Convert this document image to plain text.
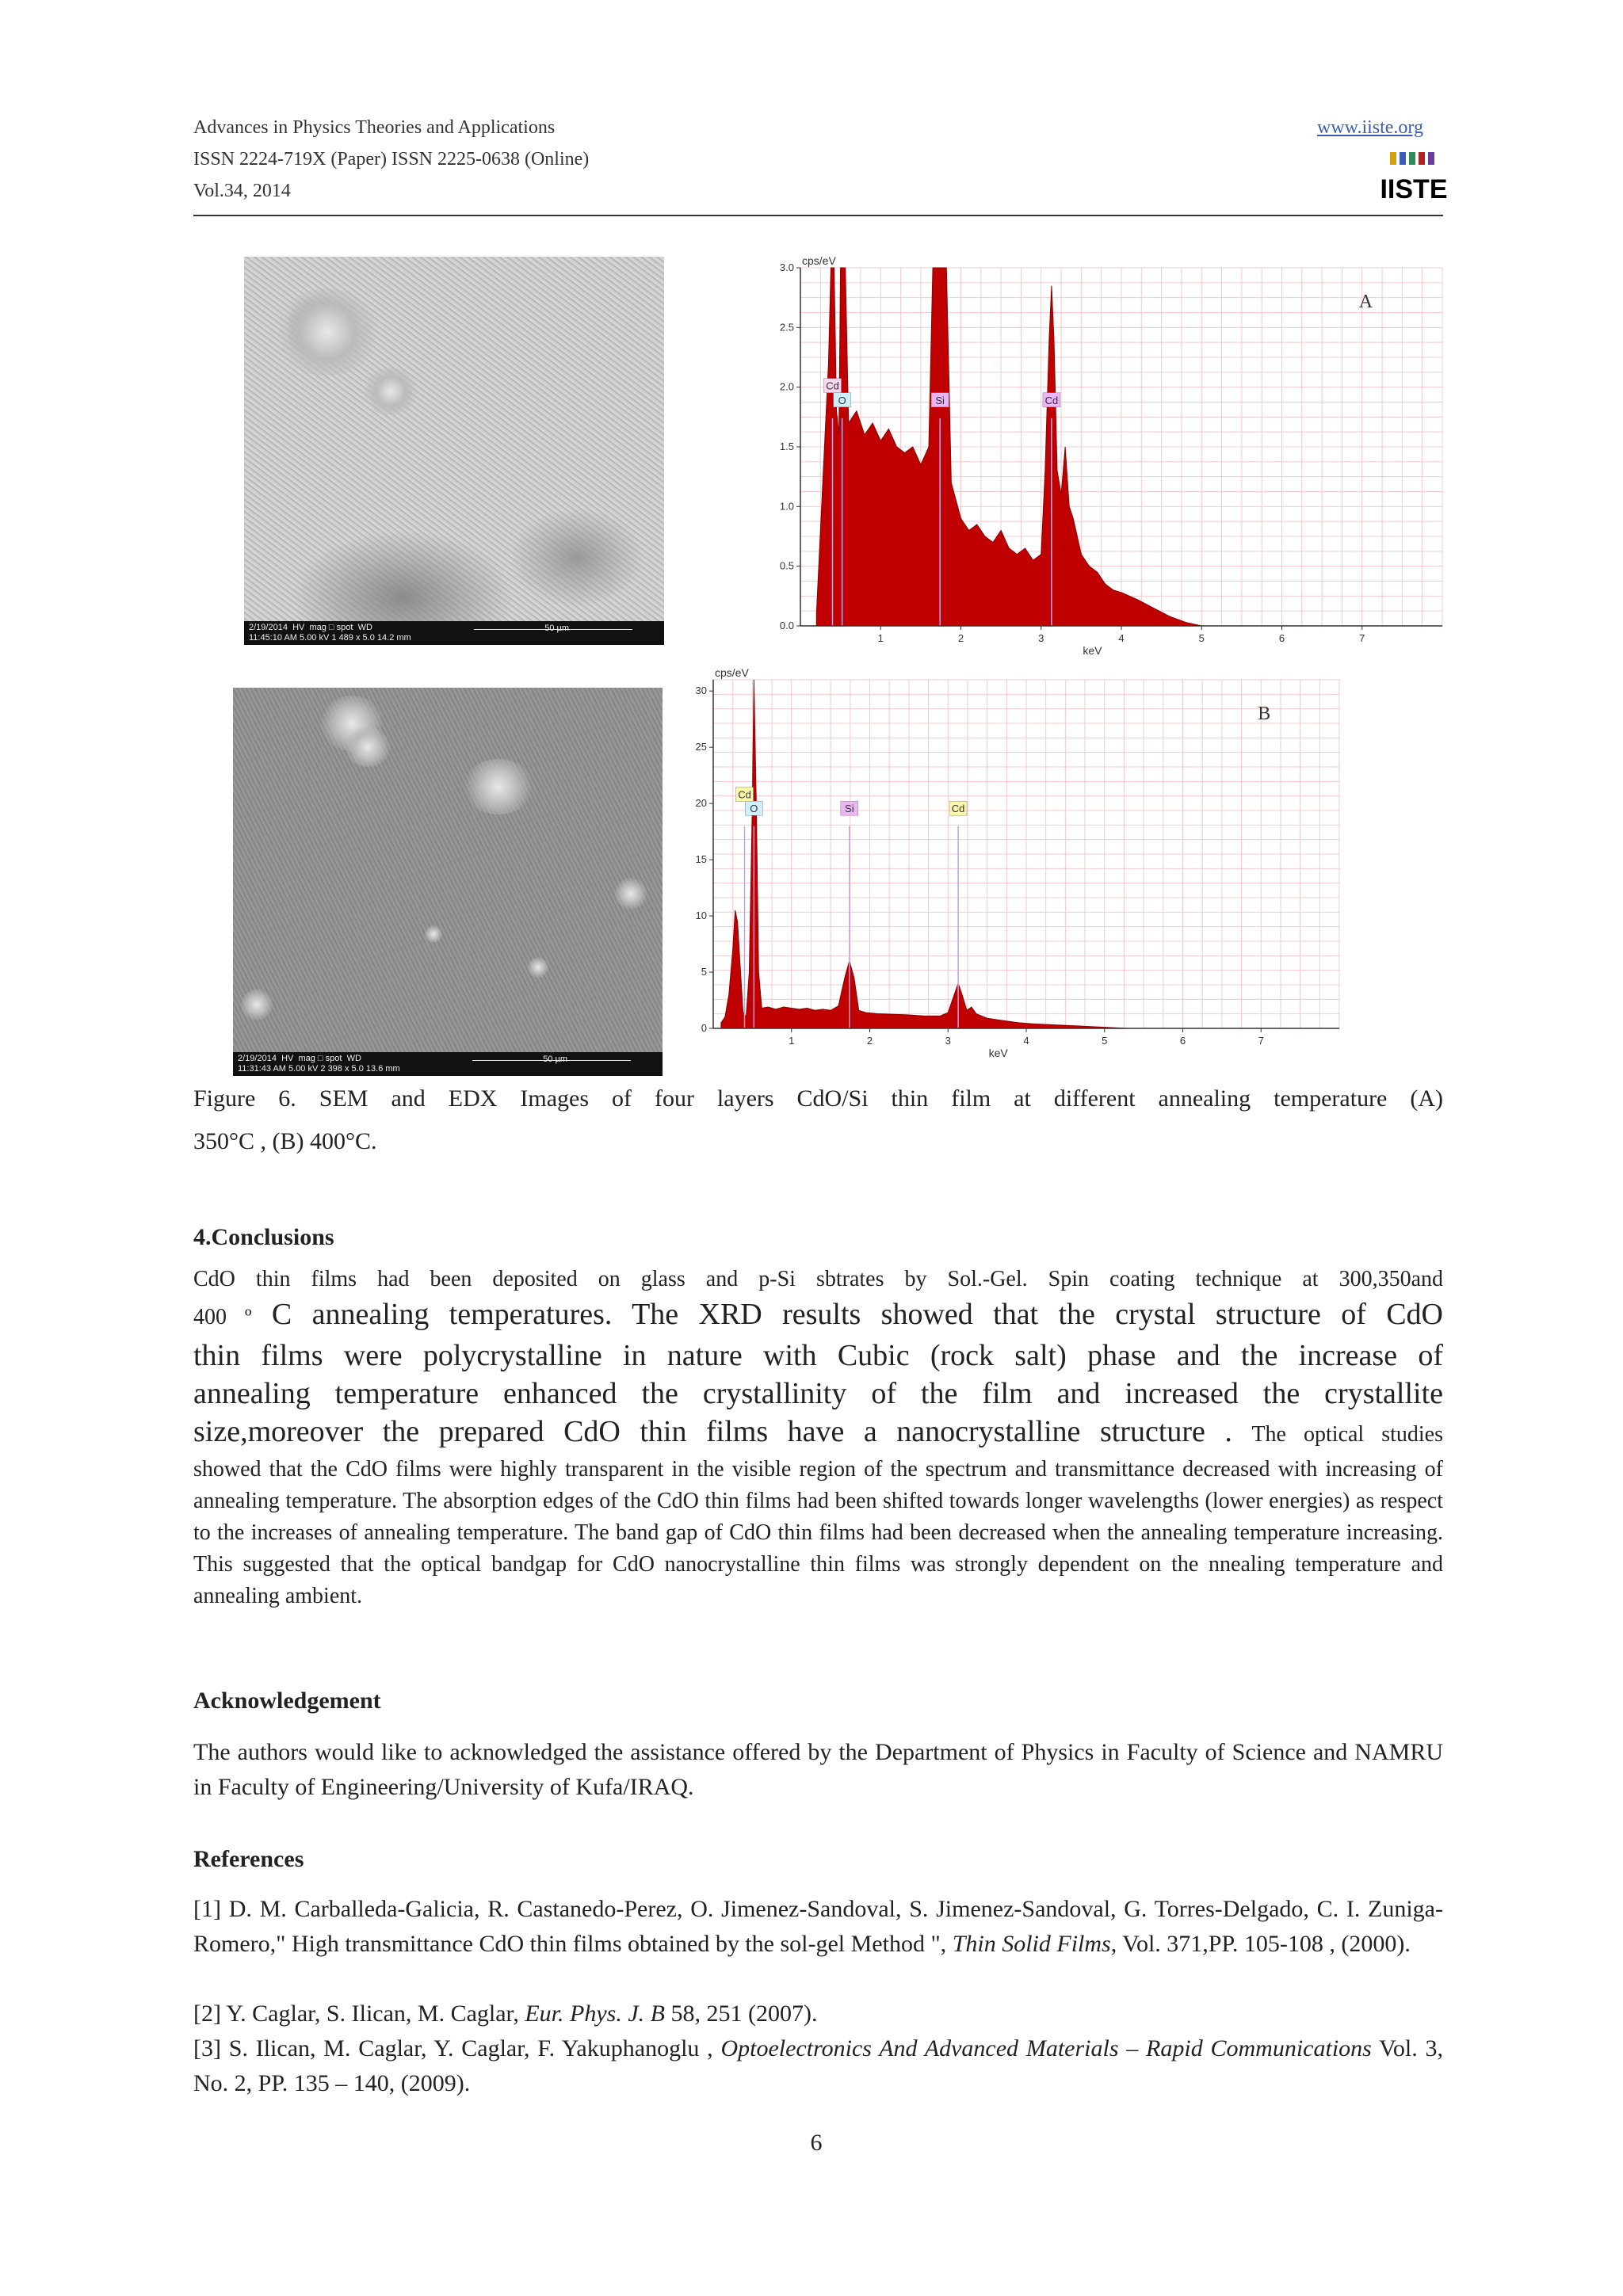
Advances in Physics Theories and Applications
ISSN 2224-719X (Paper) ISSN 2225-0638 (Online)
Vol.34, 2014
www.iiste.org
IISTE
2/19/2014 HV mag □ spot WD
11:45:10 AM 5.00 kV 1 489 x 5.0 14.2 mm
50 µm
2/19/2014 HV mag □ spot WD
11:31:43 AM 5.00 kV 2 398 x 5.0 13.6 mm
50 µm
Cd
O	Si	Cd
1	2	3	4	5	6	7
0.0
0.5
1.0
1.5
2.0
2.5
3.0
cps/eV
keV
A
Cd
O	Si	Cd
1	2	3	4	5	6	7
0
5
10
15
20
25
30
cps/eV
keV
B
Figure 6. SEM and EDX Images of four layers CdO/Si thin film at different annealing temperature (A)
350°C , (B) 400°C.
4.Conclusions
CdO thin films had been deposited on glass and p-Si sbtrates by Sol.-Gel. Spin coating technique at 300,350and
400 º C annealing temperatures. The XRD results showed that the crystal structure of CdO
thin films were polycrystalline in nature with Cubic (rock salt) phase and the increase of
annealing temperature enhanced the crystallinity of the film and increased the crystallite
size,moreover the prepared CdO thin films have a nanocrystalline structure . The optical studies
showed that the CdO films were highly transparent in the visible region of the spectrum and transmittance decreased with increasing of annealing temperature. The absorption edges of the CdO thin films had been shifted towards longer wavelengths (lower energies) as respect to the increases of annealing temperature. The band gap of CdO thin films had been decreased when the annealing temperature increasing. This suggested that the optical bandgap for CdO nanocrystalline thin films was strongly dependent on the nnealing temperature and annealing ambient.
Acknowledgement
The authors would like to acknowledged the assistance offered by the Department of Physics in Faculty of Science and NAMRU in Faculty of Engineering/University of Kufa/IRAQ.
References
[1] D. M. Carballeda-Galicia, R. Castanedo-Perez, O. Jimenez-Sandoval, S. Jimenez-Sandoval, G. Torres-Delgado, C. I. Zuniga-Romero," High transmittance CdO thin films obtained by the sol-gel Method ", Thin Solid Films, Vol. 371,PP. 105-108 , (2000).
[2] Y. Caglar, S. Ilican, M. Caglar, Eur. Phys. J. B 58, 251 (2007).
[3] S. Ilican, M. Caglar, Y. Caglar, F. Yakuphanoglu , Optoelectronics And Advanced Materials – Rapid Communications Vol. 3, No. 2, PP. 135 – 140, (2009).
6
